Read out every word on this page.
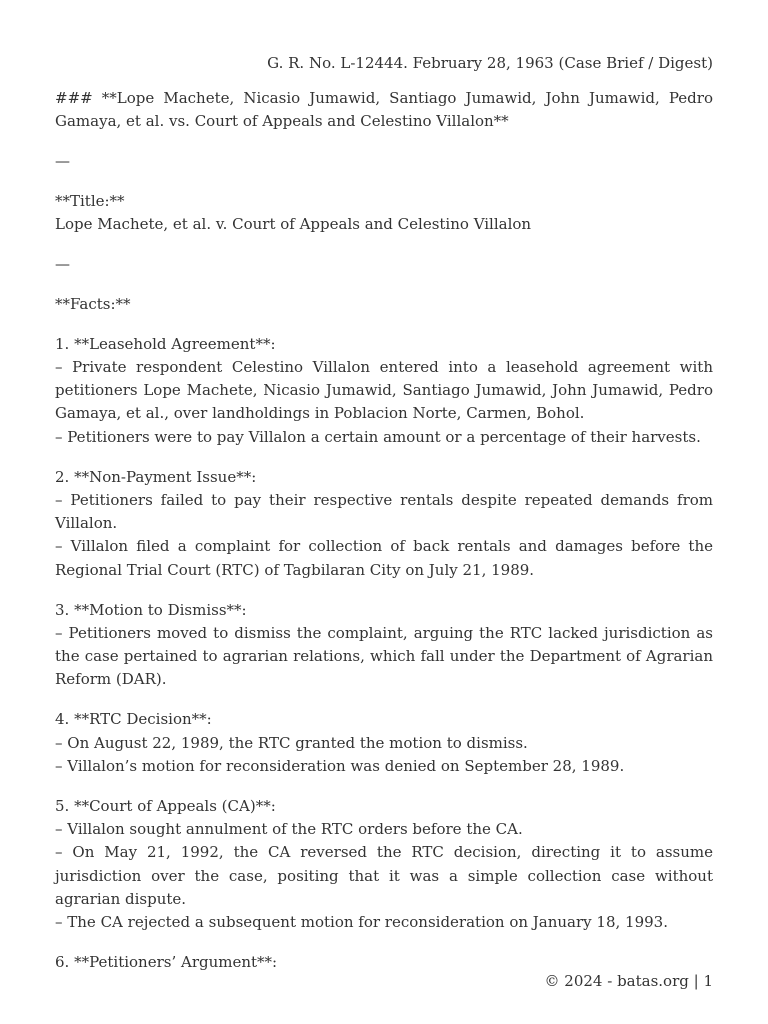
G. R. No. L-12444. February 28, 1963 (Case Brief / Digest)

### **Lope Machete, Nicasio Jumawid, Santiago Jumawid, John Jumawid, Pedro Gamaya, et al. vs. Court of Appeals and Celestino Villalon**

—

**Title:**
Lope Machete, et al. v. Court of Appeals and Celestino Villalon

—

**Facts:**

1. **Leasehold Agreement**:
– Private respondent Celestino Villalon entered into a leasehold agreement with petitioners Lope Machete, Nicasio Jumawid, Santiago Jumawid, John Jumawid, Pedro Gamaya, et al., over landholdings in Poblacion Norte, Carmen, Bohol.
– Petitioners were to pay Villalon a certain amount or a percentage of their harvests.

2. **Non-Payment Issue**:
– Petitioners failed to pay their respective rentals despite repeated demands from Villalon.
– Villalon filed a complaint for collection of back rentals and damages before the Regional Trial Court (RTC) of Tagbilaran City on July 21, 1989.

3. **Motion to Dismiss**:
– Petitioners moved to dismiss the complaint, arguing the RTC lacked jurisdiction as the case pertained to agrarian relations, which fall under the Department of Agrarian Reform (DAR).

4. **RTC Decision**:
– On August 22, 1989, the RTC granted the motion to dismiss.
– Villalon’s motion for reconsideration was denied on September 28, 1989.

5. **Court of Appeals (CA)**:
– Villalon sought annulment of the RTC orders before the CA.
– On May 21, 1992, the CA reversed the RTC decision, directing it to assume jurisdiction over the case, positing that it was a simple collection case without agrarian dispute.
– The CA rejected a subsequent motion for reconsideration on January 18, 1993.

6. **Petitioners’ Argument**:

© 2024 - batas.org | 1
